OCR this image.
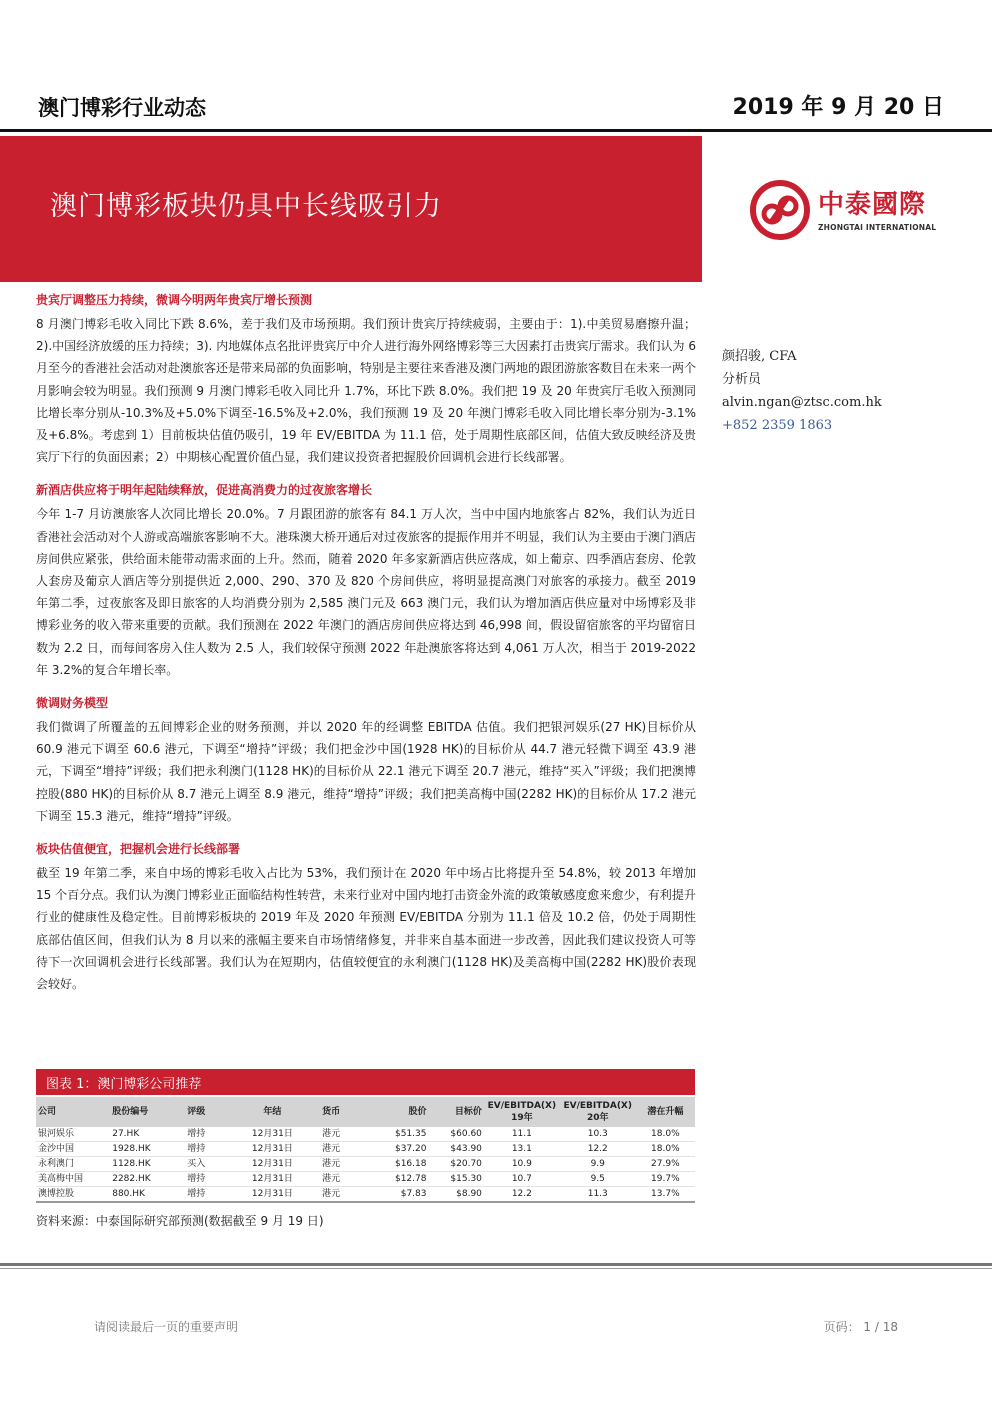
澳门博彩行业动态	2019 年 9 月 20 日
澳门博彩板块仍具中长线吸引力	中泰國際
ZHONGTAI INTERNATIONAL
颜招骏, CFA
分析员
alvin.ngan@ztsc.com.hk
+852 2359 1863
贵宾厅调整压力持续，微调今明两年贵宾厅增长预测

8 月澳门博彩毛收入同比下跌 8.6%，差于我们及市场预期。我们预计贵宾厅持续疲弱，主要由于：1).中美贸易磨擦升温；2).中国经济放缓的压力持续；3). 内地媒体点名批评贵宾厅中介人进行海外网络博彩等三大因素打击贵宾厅需求。我们认为 6 月至今的香港社会活动对赴澳旅客还是带来局部的负面影响，特别是主要往来香港及澳门两地的跟团游旅客数目在未来一两个月影响会较为明显。我们预测 9 月澳门博彩毛收入同比升 1.7%，环比下跌 8.0%。我们把 19 及 20 年贵宾厅毛收入预测同比增长率分别从-10.3%及+5.0%下调至-16.5%及+2.0%，我们预测 19 及 20 年澳门博彩毛收入同比增长率分别为-3.1%及+6.8%。考虑到 1）目前板块估值仍吸引，19 年 EV/EBITDA 为 11.1 倍，处于周期性底部区间，估值大致反映经济及贵宾厅下行的负面因素；2）中期核心配置价值凸显，我们建议投资者把握股价回调机会进行长线部署。

新酒店供应将于明年起陆续释放，促进高消费力的过夜旅客增长

今年 1-7 月访澳旅客人次同比增长 20.0%。7 月跟团游的旅客有 84.1 万人次，当中中国内地旅客占 82%，我们认为近日香港社会活动对个人游或高端旅客影响不大。港珠澳大桥开通后对过夜旅客的提振作用并不明显，我们认为主要由于澳门酒店房间供应紧张，供给面未能带动需求面的上升。然而，随着 2020 年多家新酒店供应落成，如上葡京、四季酒店套房、伦敦人套房及葡京人酒店等分别提供近 2,000、290、370 及 820 个房间供应，将明显提高澳门对旅客的承接力。截至 2019 年第二季，过夜旅客及即日旅客的人均消费分别为 2,585 澳门元及 663 澳门元，我们认为增加酒店供应量对中场博彩及非博彩业务的收入带来重要的贡献。我们预测在 2022 年澳门的酒店房间供应将达到 46,998 间，假设留宿旅客的平均留宿日数为 2.2 日，而每间客房入住人数为 2.5 人，我们较保守预测 2022 年赴澳旅客将达到 4,061 万人次，相当于 2019-2022 年 3.2%的复合年增长率。

微调财务模型

我们微调了所覆盖的五间博彩企业的财务预测，并以 2020 年的经调整 EBITDA 估值。我们把银河娱乐(27 HK)目标价从 60.9 港元下调至 60.6 港元，下调至“增持”评级；我们把金沙中国(1928 HK)的目标价从 44.7 港元轻微下调至 43.9 港元，下调至“增持”评级；我们把永利澳门(1128 HK)的目标价从 22.1 港元下调至 20.7 港元，维持“买入”评级；我们把澳博控股(880 HK)的目标价从 8.7 港元上调至 8.9 港元，维持“增持”评级；我们把美高梅中国(2282 HK)的目标价从 17.2 港元下调至 15.3 港元，维持“增持”评级。

板块估值便宜，把握机会进行长线部署

截至 19 年第二季，来自中场的博彩毛收入占比为 53%，我们预计在 2020 年中场占比将提升至 54.8%，较 2013 年增加 15 个百分点。我们认为澳门博彩业正面临结构性转营，未来行业对中国内地打击资金外流的政策敏感度愈来愈少，有利提升行业的健康性及稳定性。目前博彩板块的 2019 年及 2020 年预测 EV/EBITDA 分别为 11.1 倍及 10.2 倍，仍处于周期性底部估值区间，但我们认为 8 月以来的涨幅主要来自市场情绪修复，并非来自基本面进一步改善，因此我们建议投资人可等待下一次回调机会进行长线部署。我们认为在短期内，估值较便宜的永利澳门(1128 HK)及美高梅中国(2282 HK)股价表现会较好。

图表 1：澳门博彩公司推荐
公司	股份编号	评级	年结	货币	股价	目标价	EV/EBITDA(X) 19年	EV/EBITDA(X) 20年	潜在升幅
银河娱乐	27.HK	增持	12月31日	港元	$51.35	$60.60	11.1	10.3	18.0%
金沙中国	1928.HK	增持	12月31日	港元	$37.20	$43.90	13.1	12.2	18.0%
永利澳门	1128.HK	买入	12月31日	港元	$16.18	$20.70	10.9	9.9	27.9%
美高梅中国	2282.HK	增持	12月31日	港元	$12.78	$15.30	10.7	9.5	19.7%
澳博控股	880.HK	增持	12月31日	港元	$7.83	$8.90	12.2	11.3	13.7%
资料来源：中泰国际研究部预测(数据截至 9 月 19 日)
请阅读最后一页的重要声明	页码： 1 / 18
